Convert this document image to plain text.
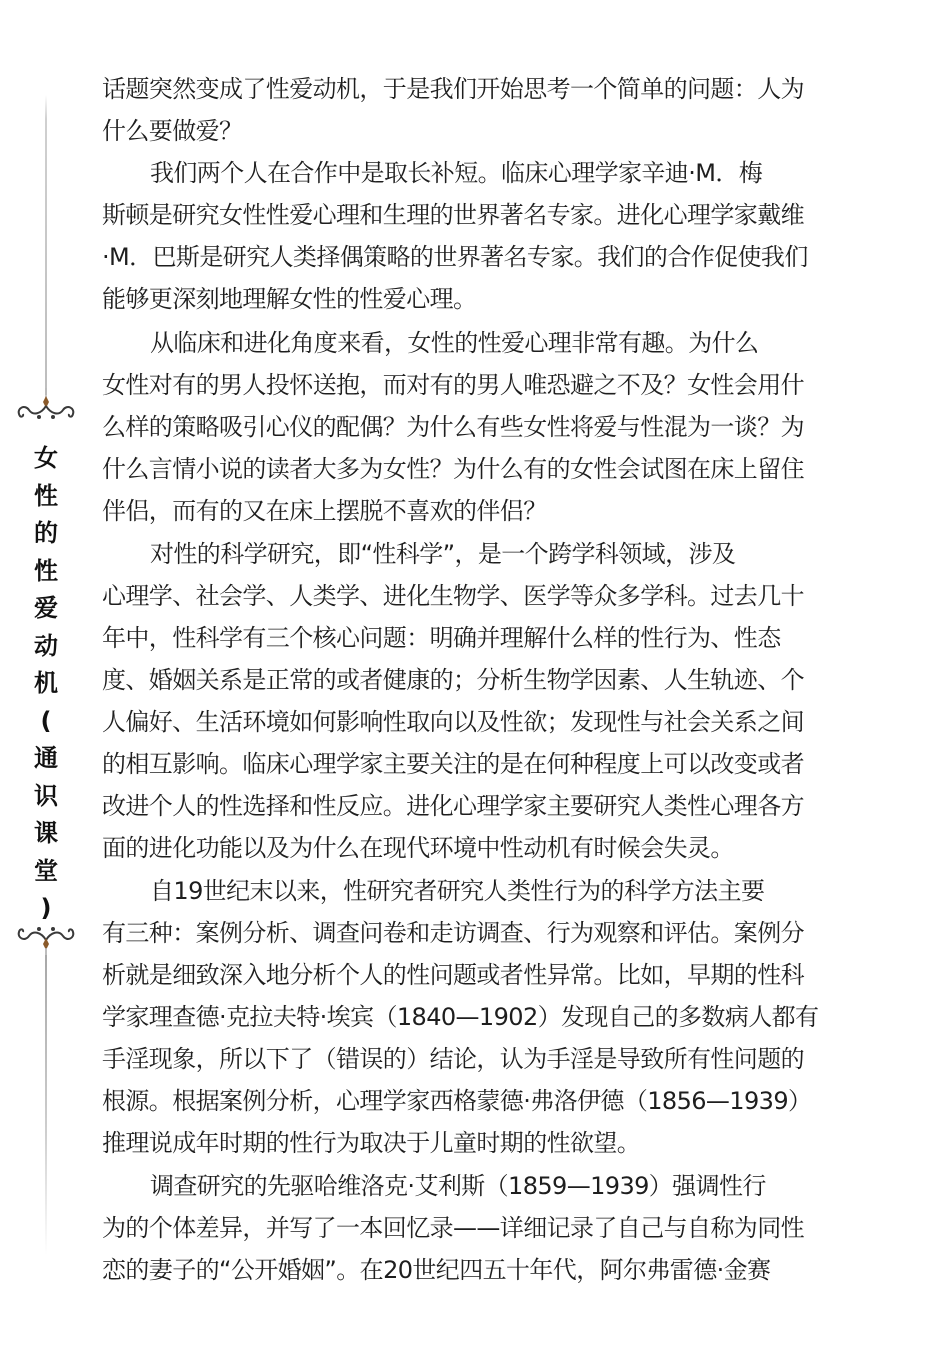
女
性
的
性
爱
动
机
(
通
识
课
堂
)
话题突然变成了性爱动机，于是我们开始思考一个简单的问题：人为
什么要做爱？
我们两个人在合作中是取长补短。临床心理学家辛迪·M．梅
斯顿是研究女性性爱心理和生理的世界著名专家。进化心理学家戴维
·M．巴斯是研究人类择偶策略的世界著名专家。我们的合作促使我们
能够更深刻地理解女性的性爱心理。
从临床和进化角度来看，女性的性爱心理非常有趣。为什么
女性对有的男人投怀送抱，而对有的男人唯恐避之不及？女性会用什
么样的策略吸引心仪的配偶？为什么有些女性将爱与性混为一谈？为
什么言情小说的读者大多为女性？为什么有的女性会试图在床上留住
伴侣，而有的又在床上摆脱不喜欢的伴侣？
对性的科学研究，即“性科学”，是一个跨学科领域，涉及
心理学、社会学、人类学、进化生物学、医学等众多学科。过去几十
年中，性科学有三个核心问题：明确并理解什么样的性行为、性态
度、婚姻关系是正常的或者健康的；分析生物学因素、人生轨迹、个
人偏好、生活环境如何影响性取向以及性欲；发现性与社会关系之间
的相互影响。临床心理学家主要关注的是在何种程度上可以改变或者
改进个人的性选择和性反应。进化心理学家主要研究人类性心理各方
面的进化功能以及为什么在现代环境中性动机有时候会失灵。
自19世纪末以来，性研究者研究人类性行为的科学方法主要
有三种：案例分析、调查问卷和走访调查、行为观察和评估。案例分
析就是细致深入地分析个人的性问题或者性异常。比如，早期的性科
学家理查德·克拉夫特·埃宾（1840—1902）发现自己的多数病人都有
手淫现象，所以下了（错误的）结论，认为手淫是导致所有性问题的
根源。根据案例分析，心理学家西格蒙德·弗洛伊德（1856—1939）
推理说成年时期的性行为取决于儿童时期的性欲望。
调查研究的先驱哈维洛克·艾利斯（1859—1939）强调性行
为的个体差异，并写了一本回忆录——详细记录了自己与自称为同性
恋的妻子的“公开婚姻”。在20世纪四五十年代，阿尔弗雷德·金赛
